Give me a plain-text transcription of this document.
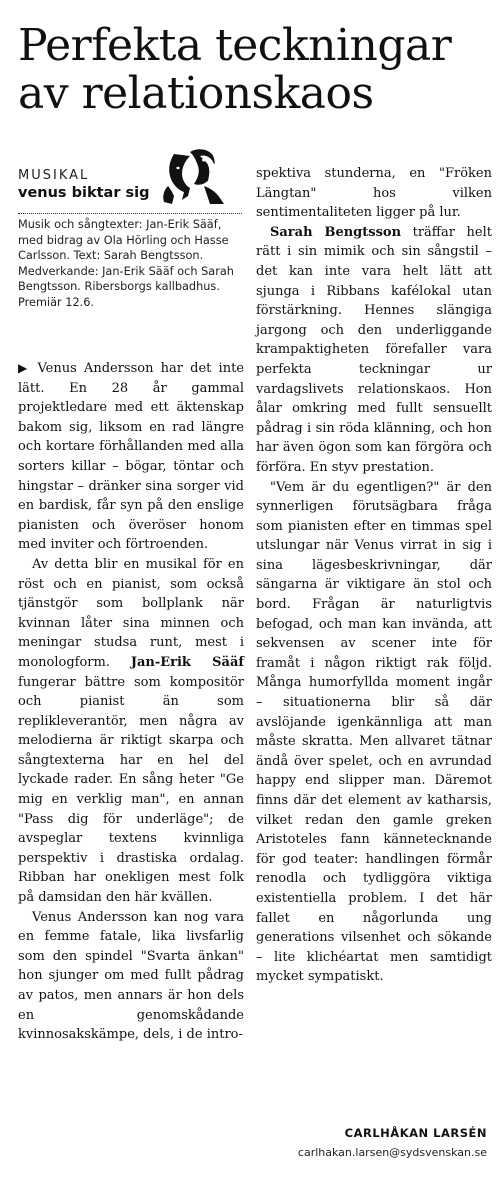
Perfekta teckningar av relationskaos

MUSIKAL

venus biktar sig

Musik och sångtexter: Jan-Erik Sääf, med bidrag av Ola Hörling och Hasse Carlsson. Text: Sarah Bengtsson. Medverkande: Jan-Erik Sääf och Sarah Bengtsson. Ribersborgs kallbadhus. Premiär 12.6.

▶ Venus Andersson har det inte lätt. En 28 år gammal projektledare med ett äktenskap bakom sig, liksom en rad längre och kortare förhållanden med alla sorters killar – bögar, töntar och hingstar – dränker sina sorger vid en bardisk, får syn på den enslige pianisten och överöser honom med inviter och förtroenden.

Av detta blir en musikal för en röst och en pianist, som också tjänstgör som bollplank när kvinnan låter sina minnen och meningar studsa runt, mest i monologform. Jan-Erik Sääf fungerar bättre som kompositör och pianist än som replikleverantör, men några av melodierna är riktigt skarpa och sångtexterna har en hel del lyckade rader. En sång heter "Ge mig en verklig man", en annan "Pass dig för underläge"; de avspeglar textens kvinnliga perspektiv i drastiska ordalag. Ribban har onekligen mest folk på damsidan den här kvällen.

Venus Andersson kan nog vara en femme fatale, lika livsfarlig som den spindel "Svarta änkan" hon sjunger om med fullt pådrag av patos, men annars är hon dels en genomskådande kvinnosakskämpe, dels, i de intro-

spektiva stunderna, en "Fröken Längtan" hos vilken sentimentaliteten ligger på lur.

Sarah Bengtsson träffar helt rätt i sin mimik och sin sångstil – det kan inte vara helt lätt att sjunga i Ribbans kafélokal utan förstärkning. Hennes slängiga jargong och den underliggande krampaktigheten förefaller vara perfekta teckningar ur vardagslivets relationskaos. Hon ålar omkring med fullt sensuellt pådrag i sin röda klänning, och hon har även ögon som kan förgöra och förföra. En styv prestation.

"Vem är du egentligen?" är den synnerligen förutsägbara fråga som pianisten efter en timmas spel utslungar när Venus virrat in sig i sina lägesbeskrivningar, där sängarna är viktigare än stol och bord. Frågan är naturligtvis befogad, och man kan invända, att sekvensen av scener inte för framåt i någon riktigt rak följd. Många humorfyllda moment ingår – situationerna blir så där avslöjande igenkännliga att man måste skratta. Men allvaret tätnar ändå över spelet, och en avrundad happy end slipper man. Däremot finns där det element av katharsis, vilket redan den gamle greken Aristoteles fann kännetecknande för god teater: handlingen förmår renodla och tydliggöra viktiga existentiella problem. I det här fallet en någorlunda ung generations vilsenhet och sökande – lite klichéartat men samtidigt mycket sympatiskt.

CARLHÅKAN LARSÉN
carlhakan.larsen@sydsvenskan.se
